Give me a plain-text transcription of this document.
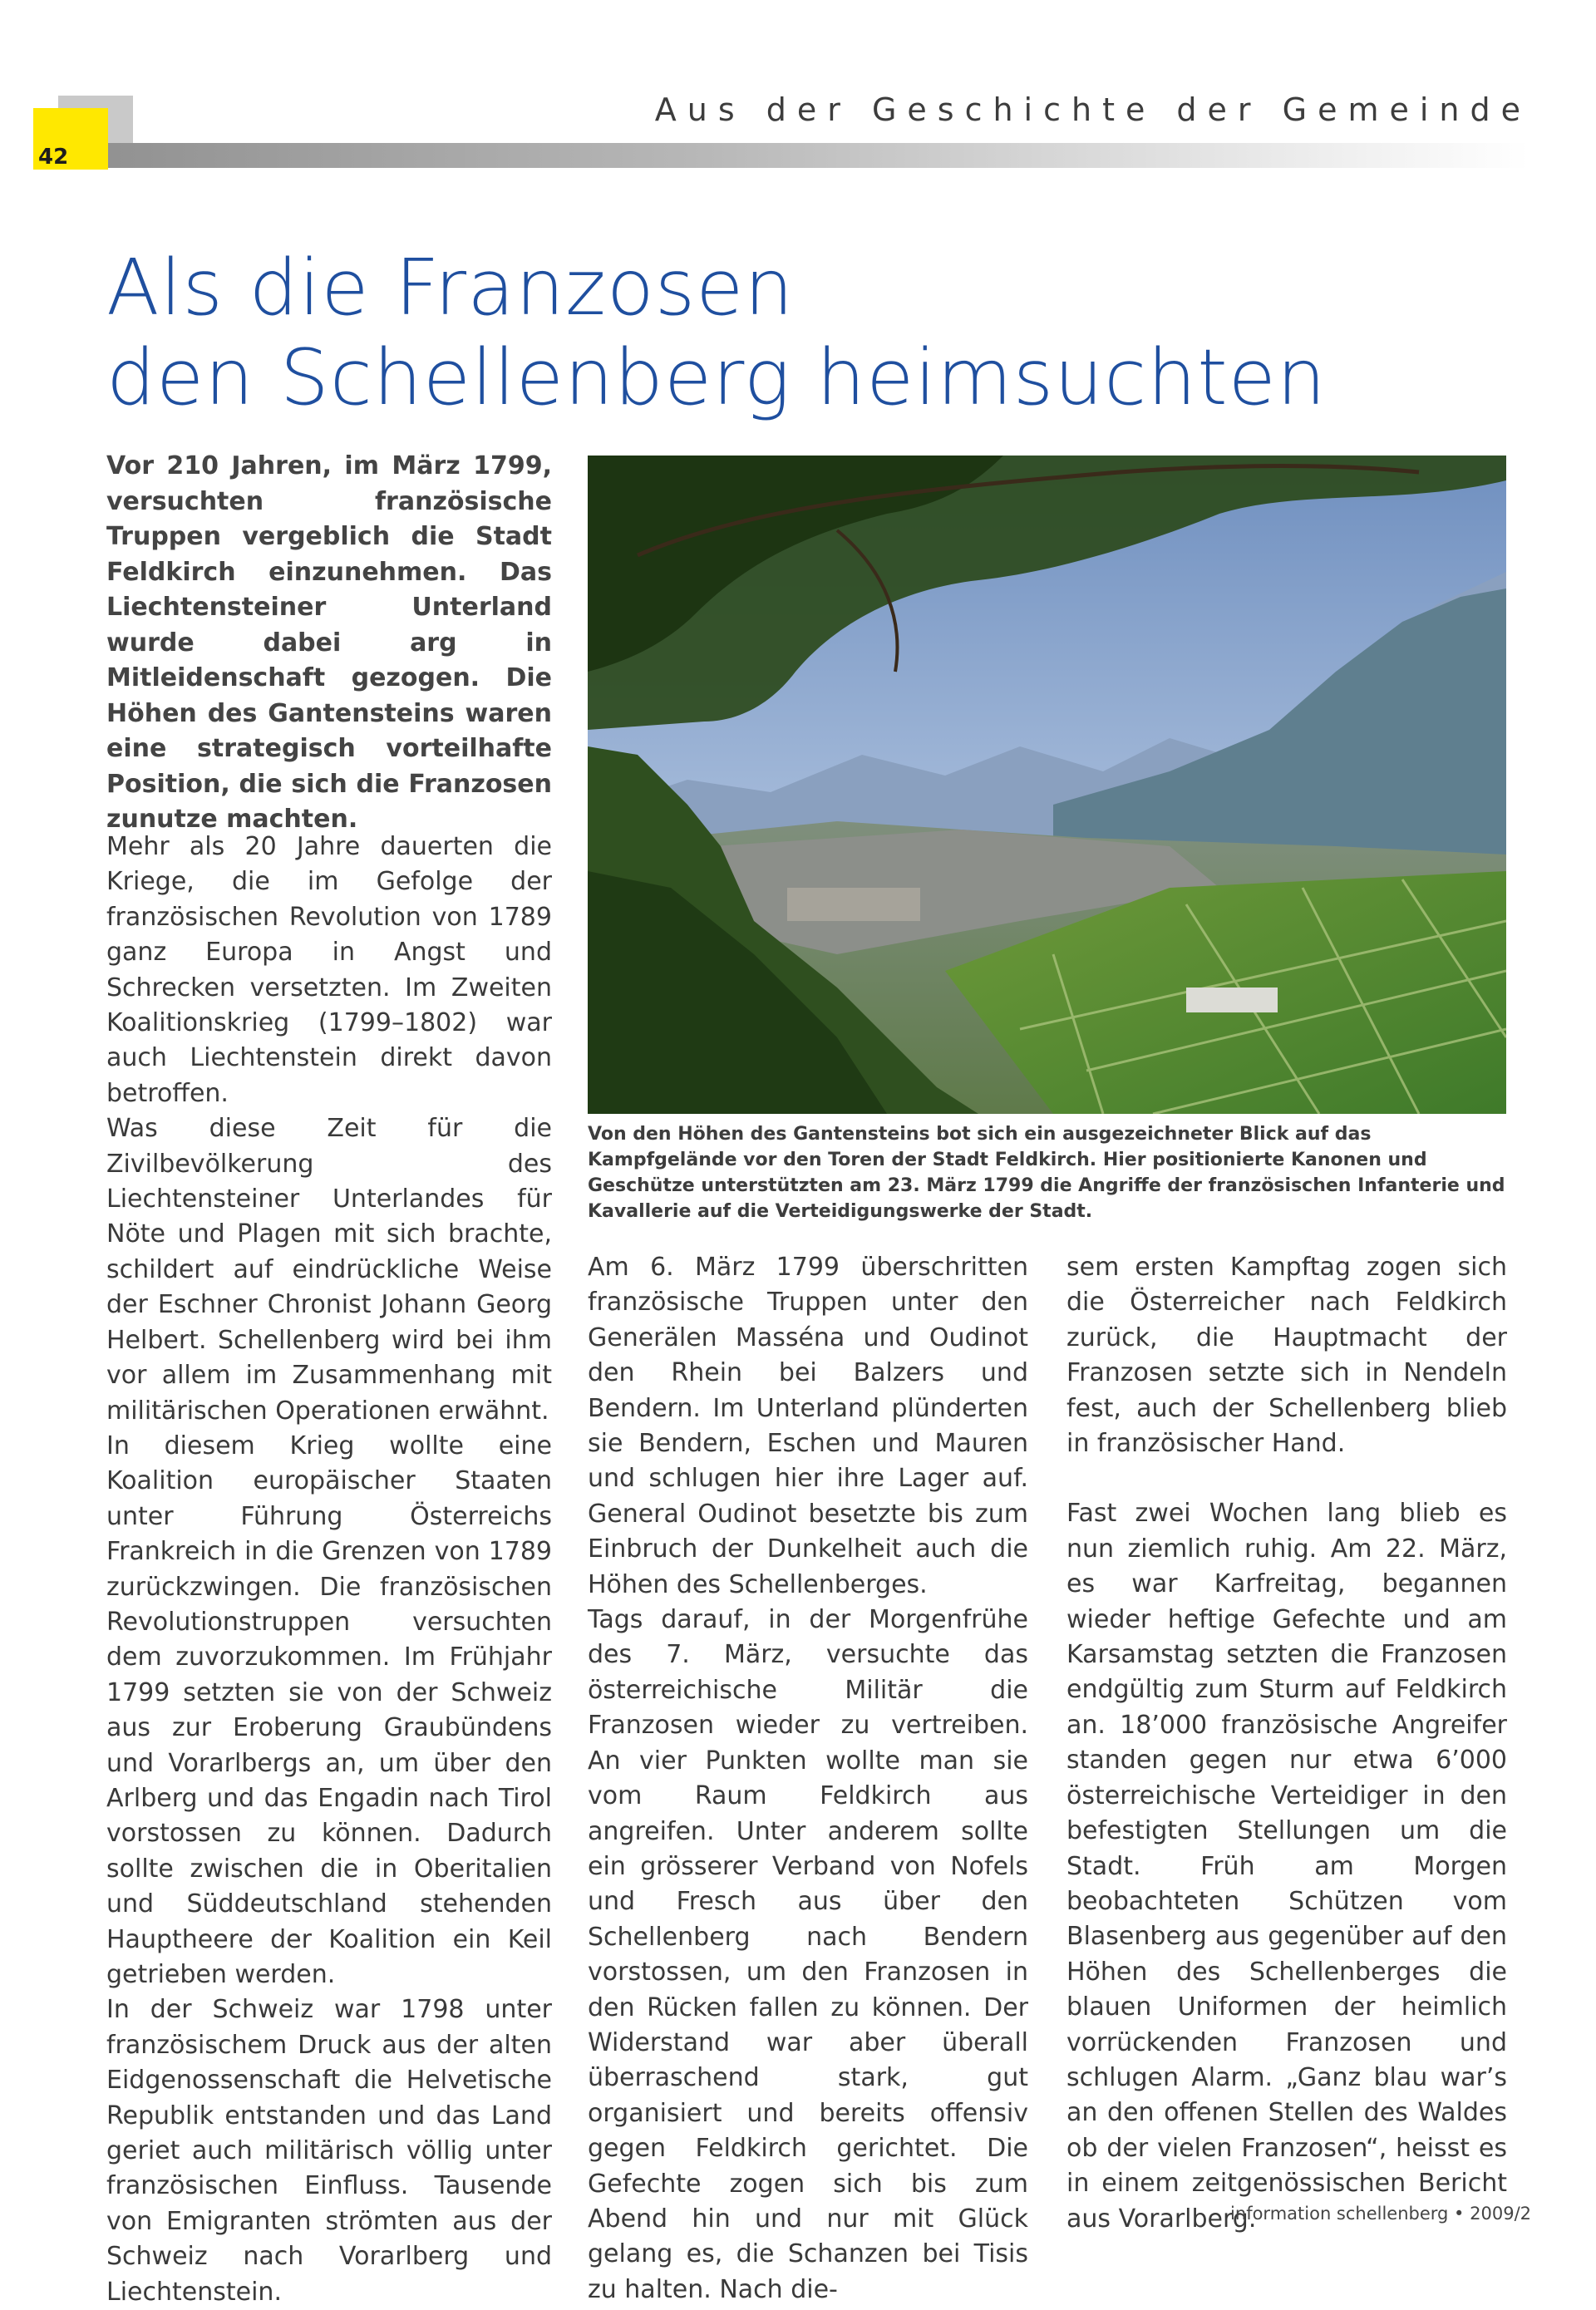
42
Aus der Geschichte der Gemeinde
Als die Franzosen
den Schellenberg heimsuchten
Vor 210 Jahren, im März 1799, versuchten französische Truppen vergeblich die Stadt Feldkirch einzunehmen. Das Liechtensteiner Unterland wurde dabei arg in Mitleidenschaft gezogen. Die Höhen des Gantensteins waren eine strategisch vorteilhafte Position, die sich die Franzosen zunutze machten.
Von den Höhen des Gantensteins bot sich ein ausgezeichneter Blick auf das Kampfgelände vor den Toren der Stadt Feldkirch. Hier positionierte Kanonen und Geschütze unterstützten am 23. März 1799 die Angriffe der französischen Infanterie und Kavallerie auf die Verteidigungswerke der Stadt.

Mehr als 20 Jahre dauerten die Kriege, die im Gefolge der französischen Revolution von 1789 ganz Europa in Angst und Schrecken versetzten. Im Zweiten Koalitionskrieg (1799–1802) war auch Liechtenstein direkt davon betroffen.

Was diese Zeit für die Zivilbevölkerung des Liechtensteiner Unterlandes für Nöte und Plagen mit sich brachte, schildert auf eindrückliche Weise der Eschner Chronist Johann Georg Helbert. Schellenberg wird bei ihm vor allem im Zusammenhang mit militärischen Operationen erwähnt.

In diesem Krieg wollte eine Koalition europäischer Staaten unter Führung Österreichs Frankreich in die Grenzen von 1789 zurückzwingen. Die französischen Revolutionstruppen versuchten dem zuvorzukommen. Im Frühjahr 1799 setzten sie von der Schweiz aus zur Eroberung Graubündens und Vorarlbergs an, um über den Arlberg und das Engadin nach Tirol vorstossen zu können. Dadurch sollte zwischen die in Oberitalien und Süddeutschland stehenden Hauptheere der Koalition ein Keil getrieben werden.

In der Schweiz war 1798 unter französischem Druck aus der alten Eidgenossenschaft die Helvetische Republik entstanden und das Land geriet auch militärisch völlig unter französischen Einfluss. Tausende von Emigranten strömten aus der Schweiz nach Vorarlberg und Liechtenstein.

Am 6. März 1799 überschritten französische Truppen unter den Generälen Masséna und Oudinot den Rhein bei Balzers und Bendern. Im Unterland plünderten sie Bendern, Eschen und Mauren und schlugen hier ihre Lager auf. General Oudinot besetzte bis zum Einbruch der Dunkelheit auch die Höhen des Schellenberges.

Tags darauf, in der Morgenfrühe des 7. März, versuchte das österreichische Militär die Franzosen wieder zu vertreiben. An vier Punkten wollte man sie vom Raum Feldkirch aus angreifen. Unter anderem sollte ein grösserer Verband von Nofels und Fresch aus über den Schellenberg nach Bendern vorstossen, um den Franzosen in den Rücken fallen zu können. Der Widerstand war aber überall überraschend stark, gut organisiert und bereits offensiv gegen Feldkirch gerichtet. Die Gefechte zogen sich bis zum Abend hin und nur mit Glück gelang es, die Schanzen bei Tisis zu halten. Nach die-

sem ersten Kampftag zogen sich die Österreicher nach Feldkirch zurück, die Hauptmacht der Franzosen setzte sich in Nendeln fest, auch der Schellenberg blieb in französischer Hand.

Fast zwei Wochen lang blieb es nun ziemlich ruhig. Am 22. März, es war Karfreitag, begannen wieder heftige Gefechte und am Karsamstag setzten die Franzosen endgültig zum Sturm auf Feldkirch an. 18’000 französische Angreifer standen gegen nur etwa 6’000 österreichische Verteidiger in den befestigten Stellungen um die Stadt. Früh am Morgen beobachteten Schützen vom Blasenberg aus gegenüber auf den Höhen des Schellenberges die blauen Uniformen der heimlich vorrückenden Franzosen und schlugen Alarm. „Ganz blau war’s an den offenen Stellen des Waldes ob der vielen Franzosen“, heisst es in einem zeitgenössischen Bericht aus Vorarlberg.

information schellenberg • 2009/2
